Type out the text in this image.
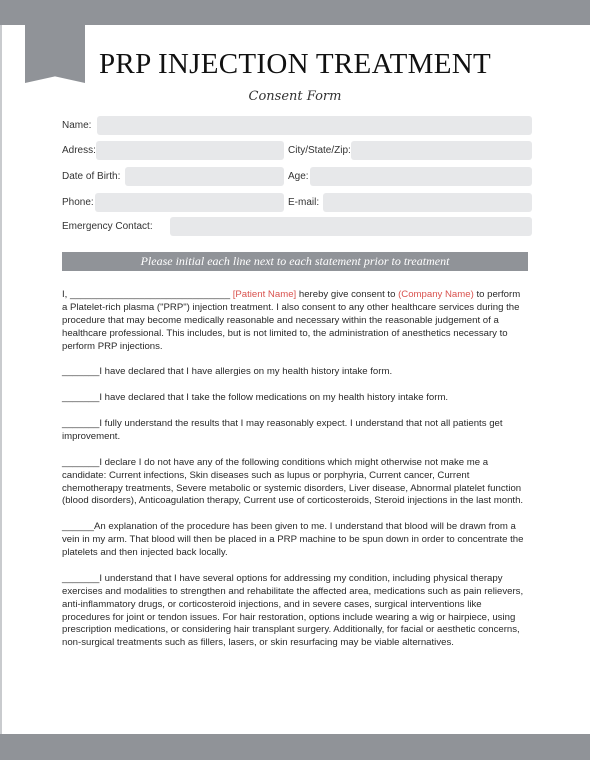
PRP INJECTION TREATMENT
Consent Form
Name:
Adress:	City/State/Zip:
Date of Birth:	Age:
Phone:	E-mail:
Emergency Contact:
Please initial each line next to each statement prior to treatment

I, ______________________________ [Patient Name] hereby give consent to (Company Name) to perform a Platelet-rich plasma ("PRP") injection treatment. I also consent to any other healthcare services during the procedure that may become medically reasonable and necessary within the reasonable judgement of a healthcare professional. This includes, but is not limited to, the administration of anesthetics necessary to perform PRP injections.

_______I have declared that I have allergies on my health history intake form.

_______I have declared that I take the follow medications on my health history intake form.

_______I fully understand the results that I may reasonably expect. I understand that not all patients get improvement.

_______I declare I do not have any of the following conditions which might otherwise not make me a candidate: Current infections, Skin diseases such as lupus or porphyria, Current cancer, Current chemotherapy treatments, Severe metabolic or systemic disorders, Liver disease, Abnormal platelet function (blood disorders), Anticoagulation therapy, Current use of corticosteroids, Steroid injections in the last month.

______An explanation of the procedure has been given to me. I understand that blood will be drawn from a vein in my arm. That blood will then be placed in a PRP machine to be spun down in order to concentrate the platelets and then injected back locally.

_______I understand that I have several options for addressing my condition, including physical therapy exercises and modalities to strengthen and rehabilitate the affected area, medications such as pain relievers, anti-inflammatory drugs, or corticosteroid injections, and in severe cases, surgical interventions like procedures for joint or tendon issues. For hair restoration, options include wearing a wig or hairpiece, using prescription medications, or considering hair transplant surgery. Additionally, for facial or aesthetic concerns, non-surgical treatments such as fillers, lasers, or skin resurfacing may be viable alternatives.
